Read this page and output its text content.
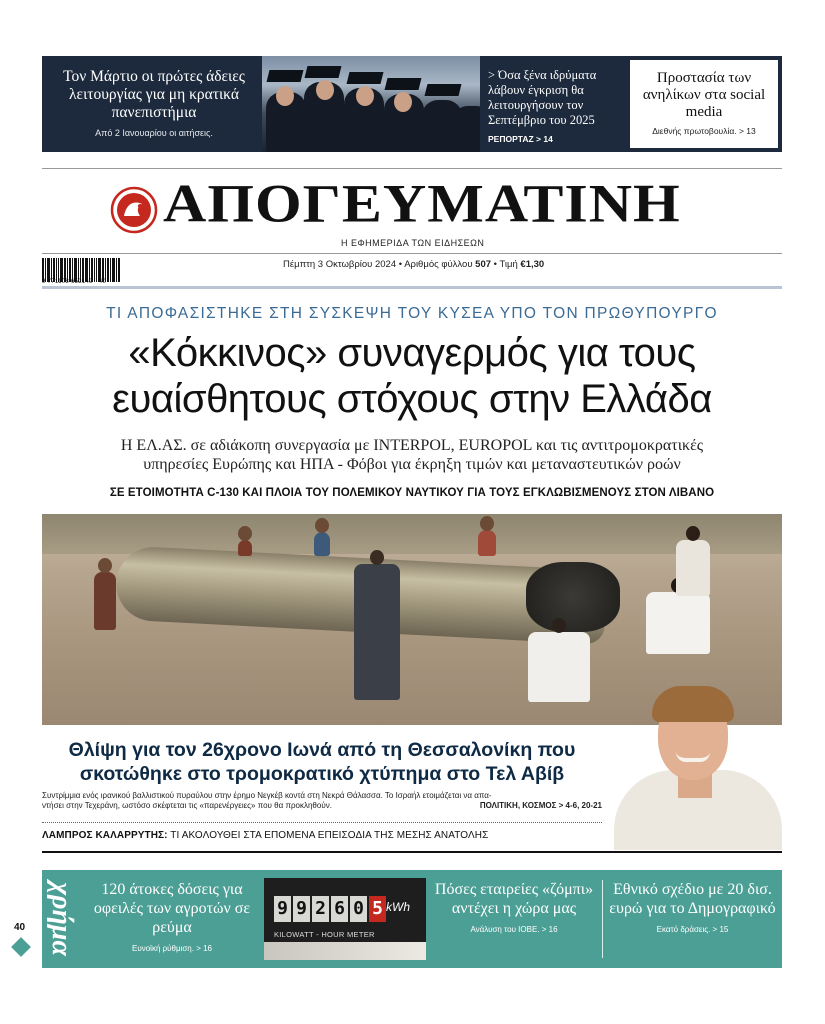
Τον Μάρτιο οι πρώτες άδειες λειτουργίας για μη κρατικά πανεπιστήμια
Από 2 Ιανουαρίου οι αιτήσεις.
> Όσα ξένα ιδρύματα λάβουν έγκριση θα λειτουργήσουν τον Σεπτέμβριο του 2025
ΡΕΠΟΡΤΑΖ > 14
Προστασία των ανηλίκων στα social media
Διεθνής πρωτοβουλία. > 13
ΑΠΟΓΕΥΜΑΤΙΝΗ
Η ΕΦΗΜΕΡΙΔΑ ΤΩΝ ΕΙΔΗΣΕΩΝ
9 771108 652149 40
Πέμπτη 3 Οκτωβρίου 2024 • Αριθμός φύλλου 507 • Τιμή €1,30
ΤΙ ΑΠΟΦΑΣΙΣΤΗΚΕ ΣΤΗ ΣΥΣΚΕΨΗ ΤΟΥ ΚΥΣΕΑ ΥΠΟ ΤΟΝ ΠΡΩΘΥΠΟΥΡΓΟ
«Κόκκινος» συναγερμός για τους
ευαίσθητους στόχους στην Ελλάδα
Η ΕΛ.ΑΣ. σε αδιάκοπη συνεργασία με INTERPOL, EUROPOL και τις αντιτρομοκρατικές
υπηρεσίες Ευρώπης και ΗΠΑ - Φόβοι για έκρηξη τιμών και μεταναστευτικών ροών
ΣΕ ΕΤΟΙΜΟΤΗΤΑ C-130 ΚΑΙ ΠΛΟΙΑ ΤΟΥ ΠΟΛΕΜΙΚΟΥ ΝΑΥΤΙΚΟΥ ΓΙΑ ΤΟΥΣ ΕΓΚΛΩΒΙΣΜΕΝΟΥΣ ΣΤΟΝ ΛΙΒΑΝΟ
Θλίψη για τον 26χρονο Ιωνά από τη Θεσσαλονίκη που
σκοτώθηκε στο τρομοκρατικό χτύπημα στο Τελ Αβίβ
Συντρίμμια ενός ιρανικού βαλλιστικού πυραύλου στην έρημο Νεγκέβ κοντά στη Νεκρά Θάλασσα. Το Ισραήλ ετοιμάζεται να απα-
ντήσει στην Τεχεράνη, ωστόσο σκέφτεται τις «παρενέργειες» που θα προκληθούν.	ΠΟΛΙΤΙΚΗ, ΚΟΣΜΟΣ > 4-6, 20-21
ΛΑΜΠΡΟΣ ΚΑΛΑΡΡΥΤΗΣ: ΤΙ ΑΚΟΛΟΥΘΕΙ ΣΤΑ ΕΠΟΜΕΝΑ ΕΠΕΙΣΟΔΙΑ ΤΗΣ ΜΕΣΗΣ ΑΝΑΤΟΛΗΣ
χρήμα	120 άτοκες δόσεις για οφειλές των αγροτών σε ρεύμα
Ευνοϊκή ρύθμιση. > 16
9 9 2 6 0 5 kWh
KILOWATT - HOUR METER
Πόσες εταιρείες «ζόμπι» αντέχει η χώρα μας
Ανάλυση του ΙΟΒΕ. > 16
Εθνικό σχέδιο με 20 δισ. ευρώ για το Δημογραφικό
Εκατό δράσεις. > 15
40
